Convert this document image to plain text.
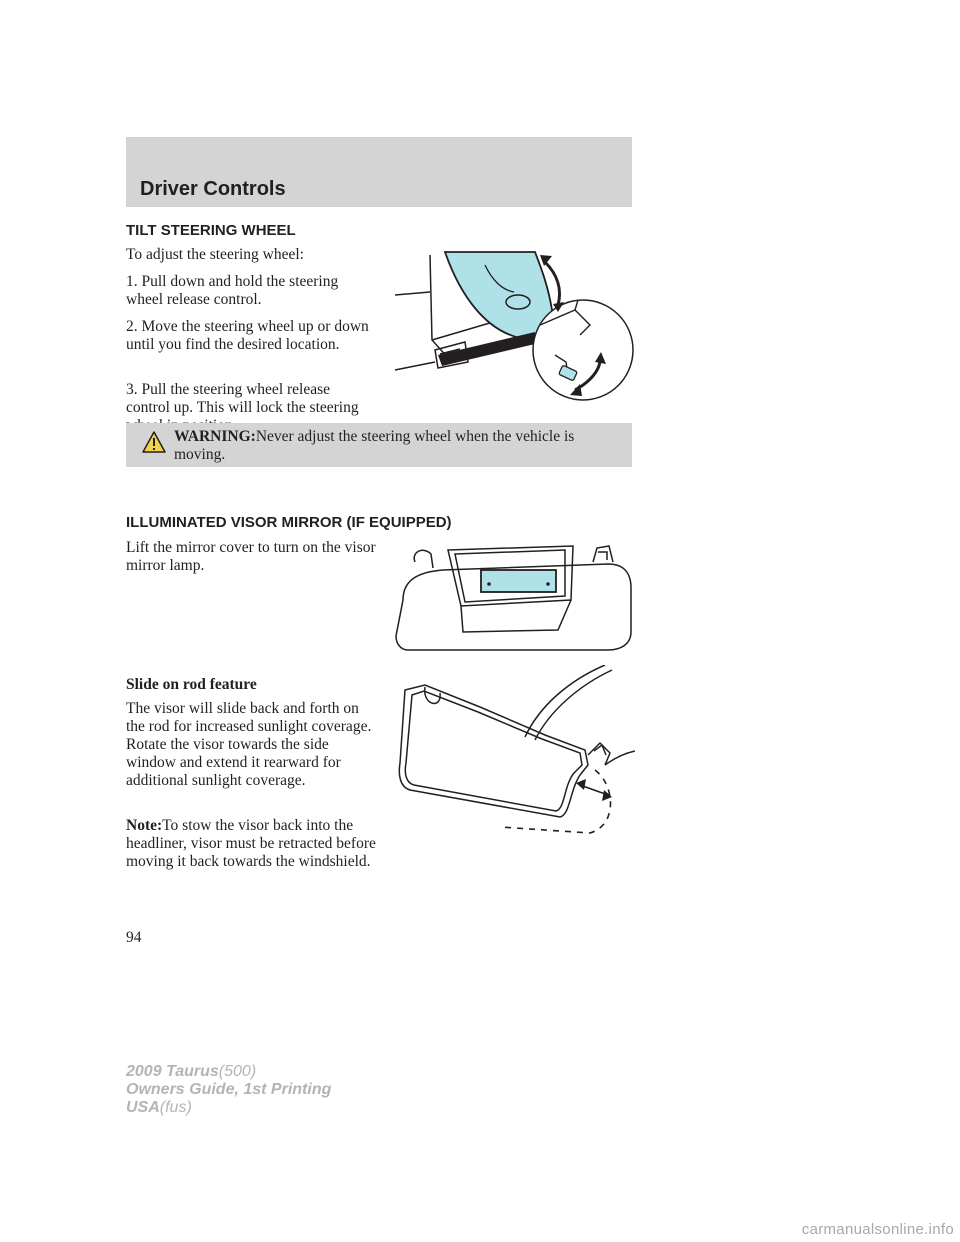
Driver Controls
TILT STEERING WHEEL

To adjust the steering wheel:

1. Pull down and hold the steering wheel release control.

2. Move the steering wheel up or down until you find the desired location.

3. Pull the steering wheel release control up. This will lock the steering

WARNING:Never adjust the steering wheel when the vehicle is moving.
ILLUMINATED VISOR MIRROR (IF EQUIPPED)

Lift the mirror cover to turn on the visor mirror lamp.

Slide on rod feature

The visor will slide back and forth on the rod for increased sunlight coverage. Rotate the visor towards the side window and extend it rearward for additional sunlight coverage.

Note:To stow the visor back into the headliner, visor must be retracted before moving it back towards the windshield.

94
2009 Taurus(500)
Owners Guide, 1st Printing
USA(fus)
carmanualsonline.info
